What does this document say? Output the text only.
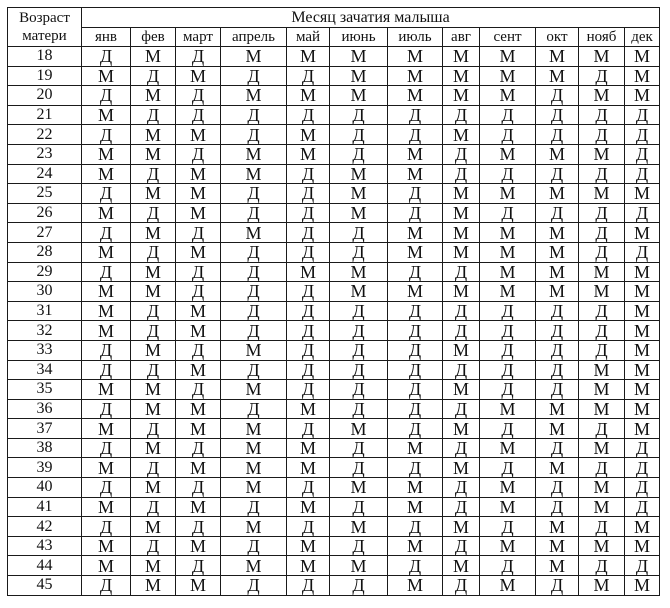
Возраст матери	Месяц зачатия малыша											
	янв	фев	март	апрель	май	июнь	июль	авг	сент	окт	нояб	дек
18	Д	М	Д	М	М	М	М	М	М	М	М	М
19	М	Д	М	Д	Д	М	М	М	М	М	Д	М
20	Д	М	Д	М	М	М	М	М	М	Д	М	М
21	М	Д	Д	Д	Д	Д	Д	Д	Д	Д	Д	Д
22	Д	М	М	Д	М	Д	Д	М	Д	Д	Д	Д
23	М	М	Д	М	М	Д	М	Д	М	М	М	Д
24	М	Д	М	М	Д	М	М	Д	Д	Д	Д	Д
25	Д	М	М	Д	Д	М	Д	М	М	М	М	М
26	М	Д	М	Д	Д	М	Д	М	Д	Д	Д	Д
27	Д	М	Д	М	Д	Д	М	М	М	М	Д	М
28	М	Д	М	Д	Д	Д	М	М	М	М	Д	Д
29	Д	М	Д	Д	М	М	Д	Д	М	М	М	М
30	М	М	Д	Д	Д	М	М	М	М	М	М	М
31	М	Д	М	Д	Д	Д	Д	Д	Д	Д	Д	М
32	М	Д	М	Д	Д	Д	Д	Д	Д	Д	Д	М
33	Д	М	Д	М	Д	Д	Д	М	Д	Д	Д	М
34	Д	Д	М	Д	Д	Д	Д	Д	Д	Д	М	М
35	М	М	Д	М	Д	Д	Д	М	Д	Д	М	М
36	Д	М	М	Д	М	Д	Д	Д	М	М	М	М
37	М	Д	М	М	Д	М	Д	М	Д	М	Д	М
38	Д	М	Д	М	М	Д	М	Д	М	Д	М	Д
39	М	Д	М	М	М	Д	Д	М	Д	М	Д	Д
40	Д	М	Д	М	Д	М	М	Д	М	Д	М	Д
41	М	Д	М	Д	М	Д	М	Д	М	Д	М	Д
42	Д	М	Д	М	Д	М	Д	М	Д	М	Д	М
43	М	Д	М	Д	М	Д	М	Д	М	М	М	М
44	М	М	Д	М	М	М	Д	М	Д	М	Д	Д
45	Д	М	М	Д	Д	Д	М	Д	М	Д	М	М
